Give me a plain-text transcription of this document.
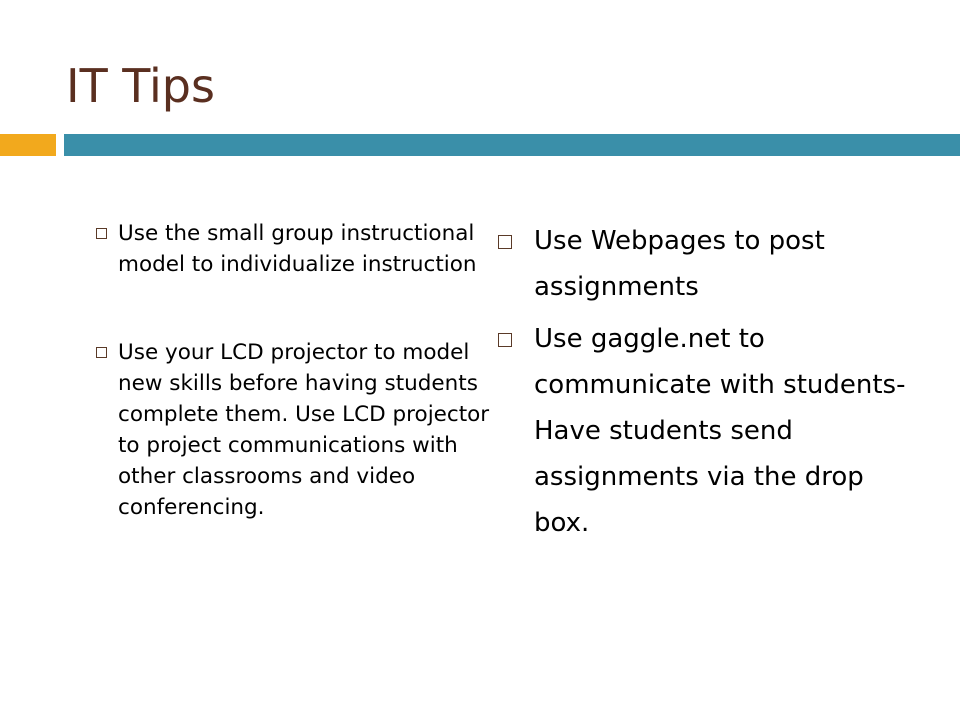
IT Tips
Use the small group instructional model to individualize instruction
Use your LCD projector to model new skills before having students complete them. Use LCD projector to project communications with other classrooms and video conferencing.
Use Webpages to post assignments
Use gaggle.net to communicate with students- Have students send assignments via the drop box.
